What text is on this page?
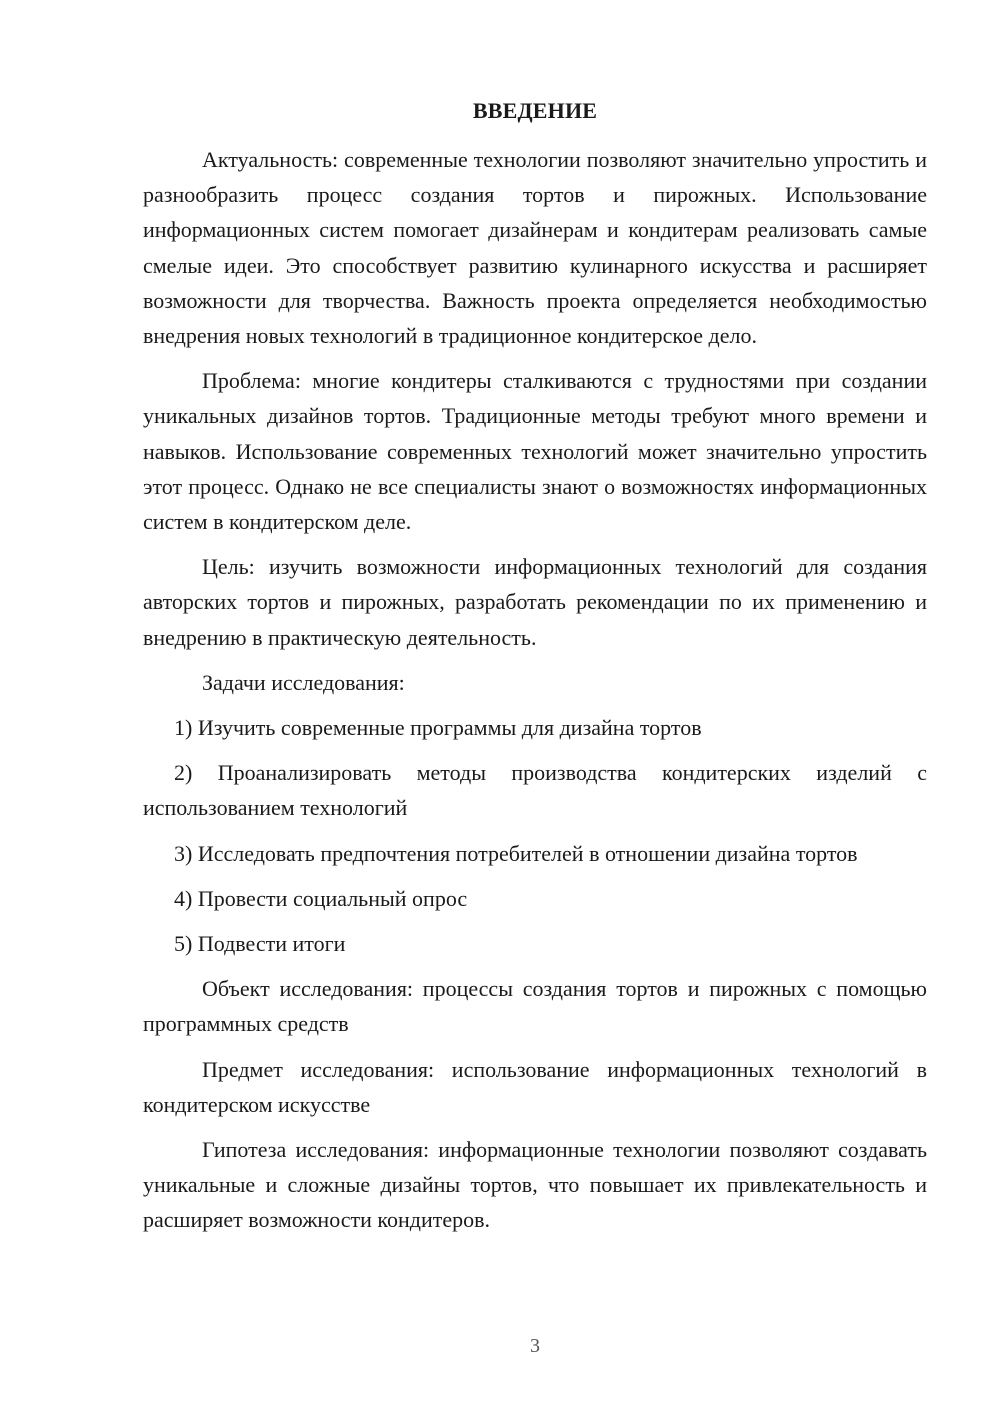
ВВЕДЕНИЕ

Актуальность: современные технологии позволяют значительно упростить и разнообразить процесс создания тортов и пирожных. Использование информационных систем помогает дизайнерам и кондитерам реализовать самые смелые идеи. Это способствует развитию кулинарного искусства и расширяет возможности для творчества. Важность проекта определяется необходимостью внедрения новых технологий в традиционное кондитерское дело.

Проблема: многие кондитеры сталкиваются с трудностями при создании уникальных дизайнов тортов. Традиционные методы требуют много времени и навыков. Использование современных технологий может значительно упростить этот процесс. Однако не все специалисты знают о возможностях информационных систем в кондитерском деле.

Цель: изучить возможности информационных технологий для создания авторских тортов и пирожных, разработать рекомендации по их применению и внедрению в практическую деятельность.

Задачи исследования:

1) Изучить современные программы для дизайна тортов

2) Проанализировать методы производства кондитерских изделий с использованием технологий

3) Исследовать предпочтения потребителей в отношении дизайна тортов

4) Провести социальный опрос

5) Подвести итоги

Объект исследования: процессы создания тортов и пирожных с помощью программных средств

Предмет исследования: использование информационных технологий в кондитерском искусстве

Гипотеза исследования: информационные технологии позволяют создавать уникальные и сложные дизайны тортов, что повышает их привлекательность и расширяет возможности кондитеров.

3
